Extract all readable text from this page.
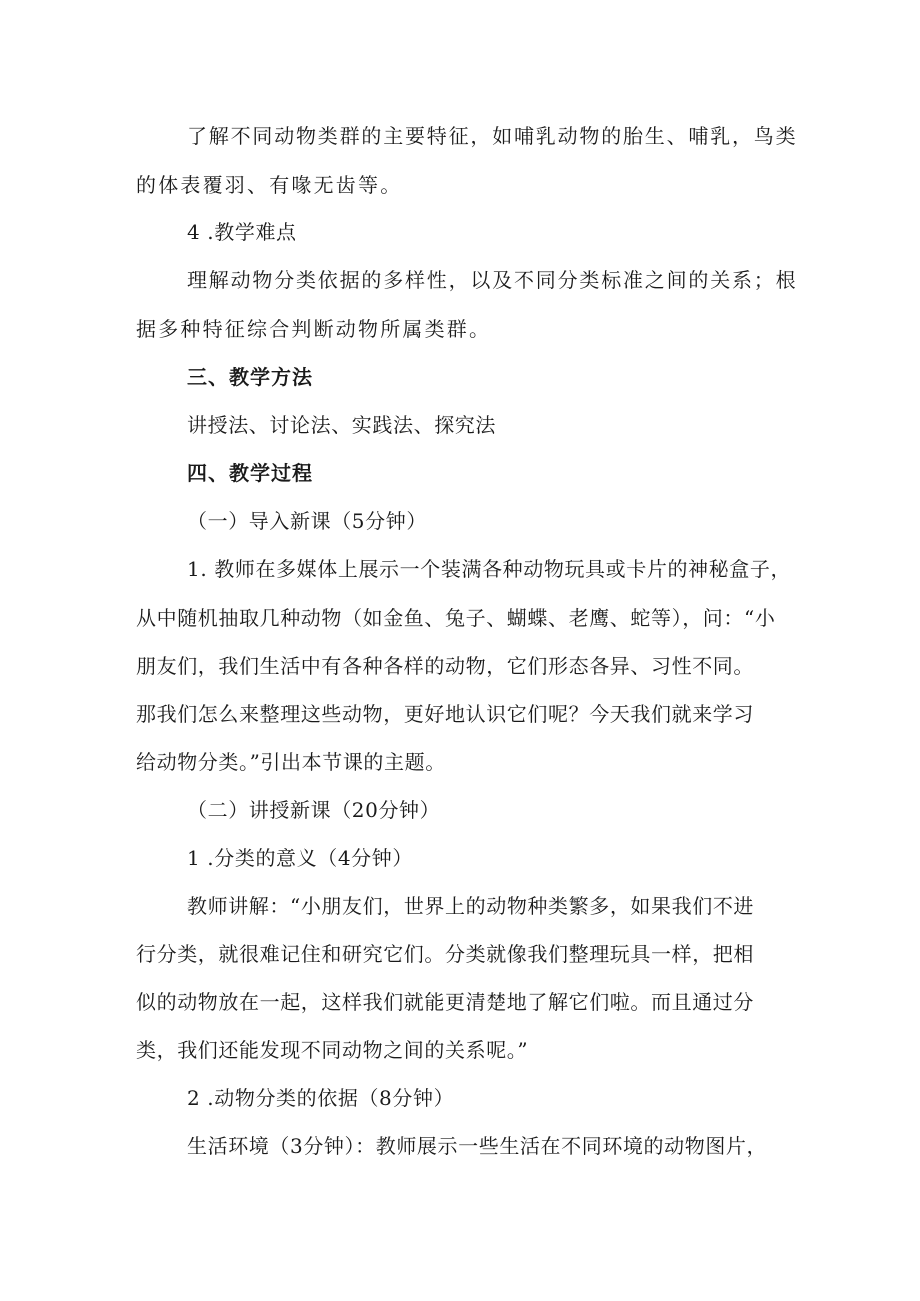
了解不同动物类群的主要特征，如哺乳动物的胎生、哺乳，鸟类
的体表覆羽、有喙无齿等。
4 .教学难点
理解动物分类依据的多样性，以及不同分类标准之间的关系；根
据多种特征综合判断动物所属类群。
三、教学方法
讲授法、讨论法、实践法、探究法
四、教学过程
（一）导入新课（5分钟）
1. 教师在多媒体上展示一个装满各种动物玩具或卡片的神秘盒子，
从中随机抽取几种动物（如金鱼、兔子、蝴蝶、老鹰、蛇等），问：“小
朋友们，我们生活中有各种各样的动物，它们形态各异、习性不同。
那我们怎么来整理这些动物，更好地认识它们呢？今天我们就来学习
给动物分类。”引出本节课的主题。
（二）讲授新课（20分钟）
1 .分类的意义（4分钟）
教师讲解：“小朋友们，世界上的动物种类繁多，如果我们不进
行分类，就很难记住和研究它们。分类就像我们整理玩具一样，把相
似的动物放在一起，这样我们就能更清楚地了解它们啦。而且通过分
类，我们还能发现不同动物之间的关系呢。”
2 .动物分类的依据（8分钟）
生活环境（3分钟）：教师展示一些生活在不同环境的动物图片，
